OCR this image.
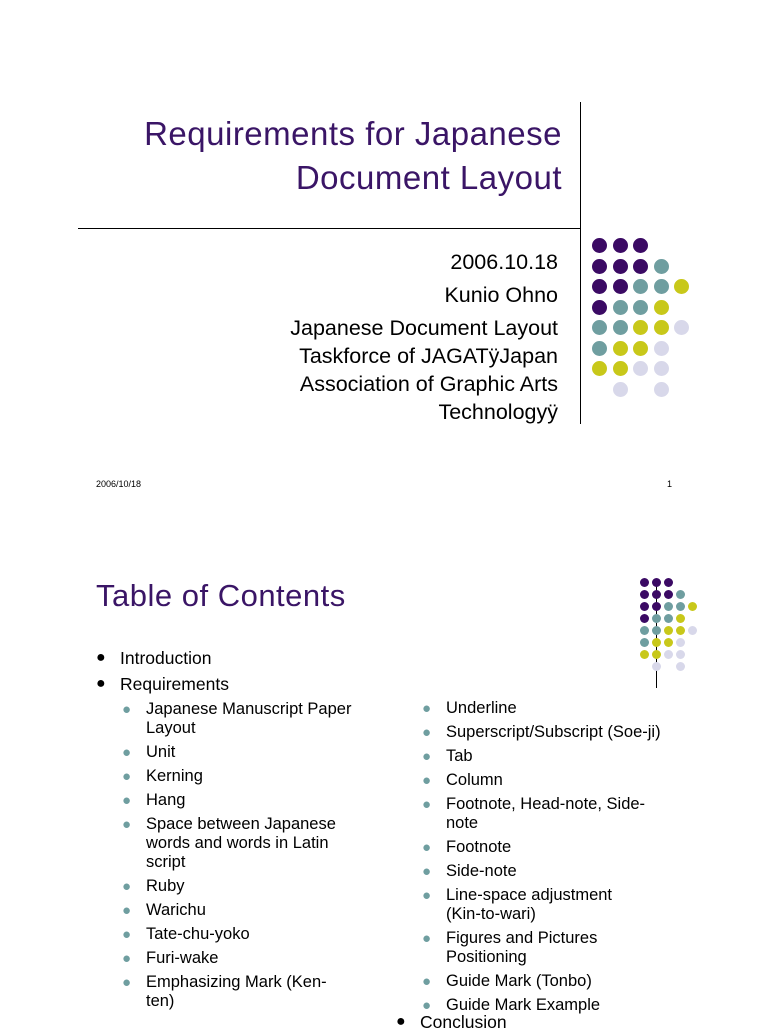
Requirements for Japanese
Document Layout
2006.10.18
Kunio Ohno
Japanese Document Layout
Taskforce of JAGATÿJapan
Association of Graphic Arts
Technologyÿ
2006/10/18	1
Table of Contents
● Introduction
● Requirements
● Japanese Manuscript Paper Layout
● Unit
● Kerning
● Hang
● Space between Japanese words and words in Latin script
● Ruby
● Warichu
● Tate-chu-yoko
● Furi-wake
● Emphasizing Mark (Ken-ten)
● Underline
● Superscript/Subscript (Soe-ji)
● Tab
● Column
● Footnote, Head-note, Side-note
● Footnote
● Side-note
● Line-space adjustment (Kin-to-wari)
● Figures and Pictures Positioning
● Guide Mark (Tonbo)
● Guide Mark Example
● Conclusion
